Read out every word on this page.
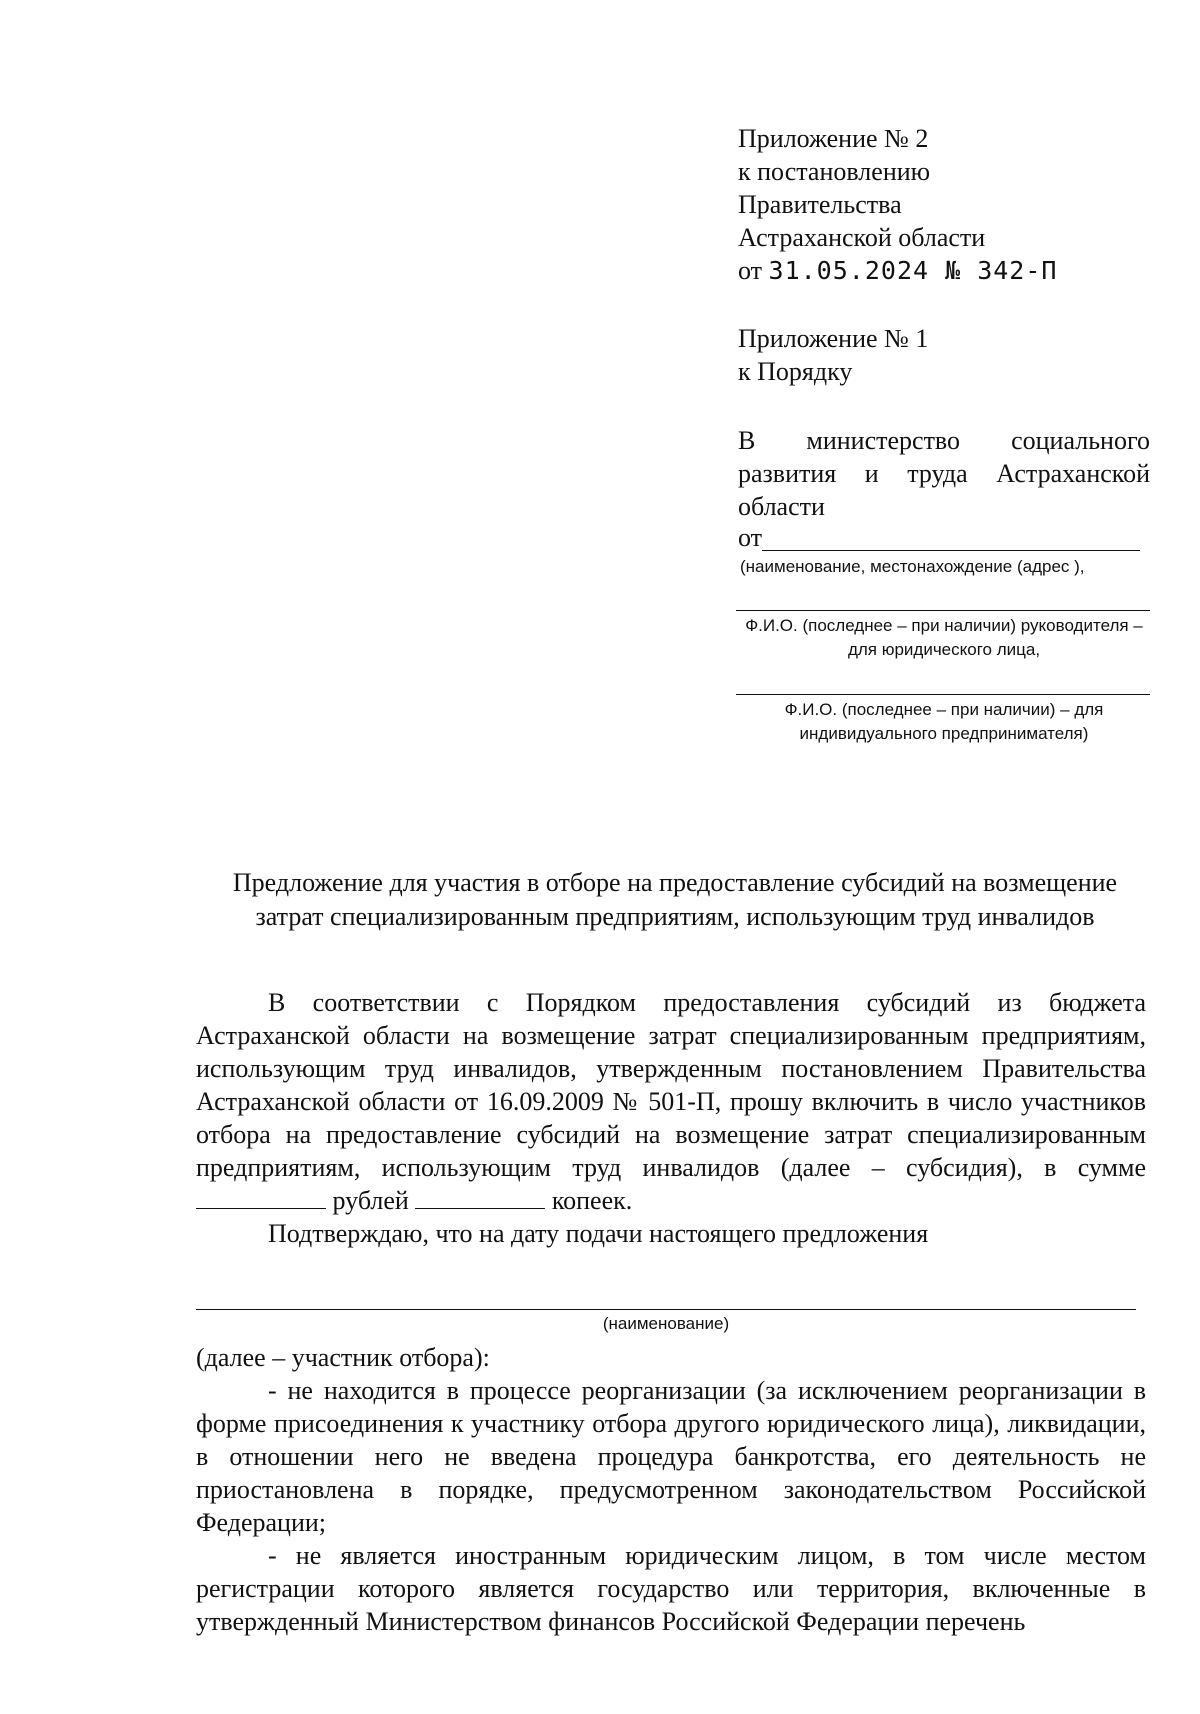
Приложение № 2
к постановлению
Правительства
Астраханской области
от 31.05.2024 № 342-П
Приложение № 1
к Порядку
В министерство социального развития и труда Астраханской области
от
(наименование, местонахождение (адрес ),
Ф.И.О. (последнее – при наличии) руководителя – для юридического лица,
Ф.И.О. (последнее – при наличии) – для индивидуального предпринимателя)
Предложение для участия в отборе на предоставление субсидий на возмещение затрат специализированным предприятиям, использующим труд инвалидов

В соответствии с Порядком предоставления субсидий из бюджета Астраханской области на возмещение затрат специализированным предприятиям, использующим труд инвалидов, утвержденным постановлением Правительства Астраханской области от 16.09.2009 № 501-П, прошу включить в число участников отбора на предоставление субсидий на возмещение затрат специализированным предприятиям, использующим труд инвалидов (далее – субсидия), в сумме  рублей	копеек.

Подтверждаю, что на дату подачи настоящего предложения

(наименование)

(далее – участник отбора):

- не находится в процессе реорганизации (за исключением реорганизации в форме присоединения к участнику отбора другого юридического лица), ликвидации, в отношении него не введена процедура банкротства, его деятельность не приостановлена в порядке, предусмотренном законодательством Российской Федерации;

- не является иностранным юридическим лицом, в том числе местом регистрации которого является государство или территория, включенные в утвержденный Министерством финансов Российской Федерации перечень
